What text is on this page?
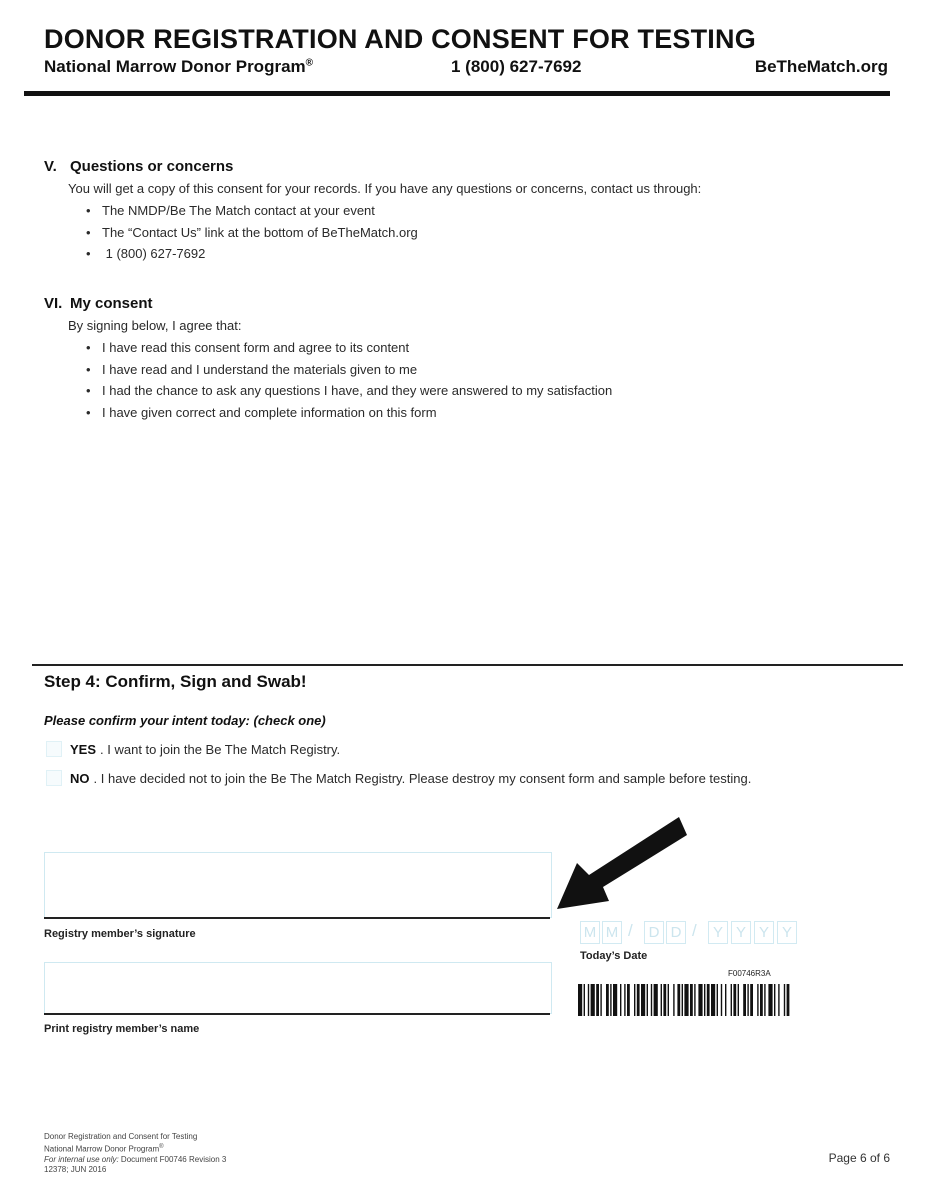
DONOR REGISTRATION AND CONSENT FOR TESTING
National Marrow Donor Program®	1 (800) 627-7692	BeTheMatch.org
V. Questions or concerns
You will get a copy of this consent for your records. If you have any questions or concerns, contact us through:
• The NMDP/Be The Match contact at your event
• The “Contact Us” link at the bottom of BeTheMatch.org
• 1 (800) 627-7692
VI. My consent
By signing below, I agree that:
• I have read this consent form and agree to its content
• I have read and I understand the materials given to me
• I had the chance to ask any questions I have, and they were answered to my satisfaction
• I have given correct and complete information on this form
Step 4: Confirm, Sign and Swab!
Please confirm your intent today: (check one)
YES . I want to join the Be The Match Registry.
NO . I have decided not to join the Be The Match Registry. Please destroy my consent form and sample before testing.
Registry member’s signature
Print registry member’s name
M M /	D D /	Y Y Y Y
Today’s Date
F00746R3A
Donor Registration and Consent for Testing
National Marrow Donor Program®
For internal use only: Document F00746 Revision 3
12378; JUN 2016
Page 6 of 6
